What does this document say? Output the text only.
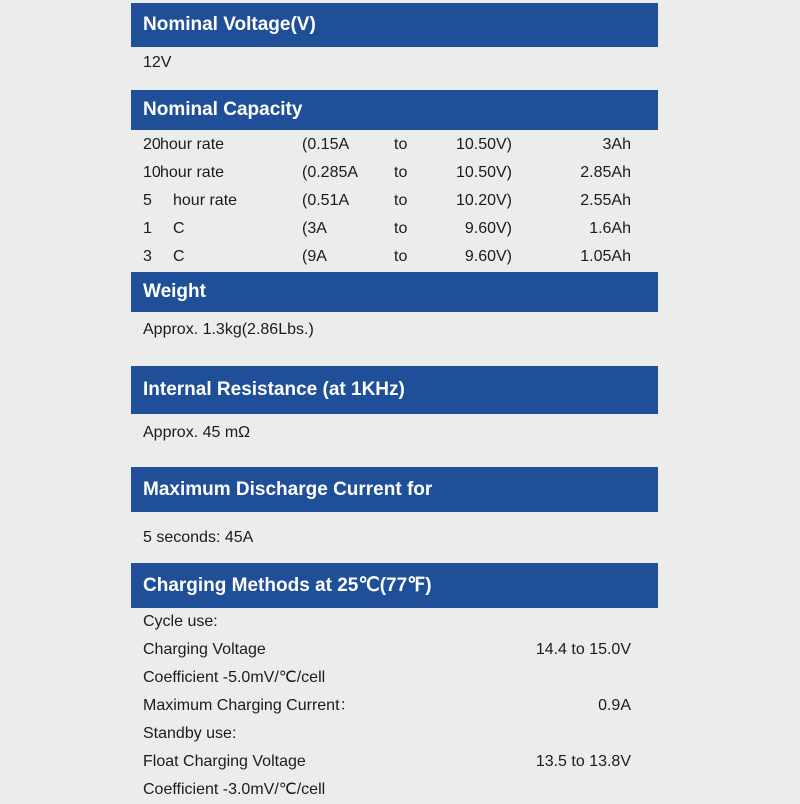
Nominal Voltage(V)
12V
Nominal Capacity
20 hour rate	(0.15A	to	10.50V)	3Ah
10 hour rate	(0.285A to	10.50V)	2.85Ah
5 hour rate	(0.51A	to	10.20V)	2.55Ah
1 C	(3A	to	9.60V)	1.6Ah
3 C	(9A	to	9.60V)	1.05Ah
Weight
Approx. 1.3kg(2.86Lbs.)
Internal Resistance (at 1KHz)
Approx. 45 mΩ
Maximum Discharge Current for
5 seconds: 45A
Charging Methods at 25℃(77℉)
Cycle use:
Charging Voltage	14.4 to 15.0V
Coefficient -5.0mV/℃/cell
Maximum Charging Current：	0.9A
Standby use:
Float Charging Voltage	13.5 to 13.8V
Coefficient -3.0mV/℃/cell
